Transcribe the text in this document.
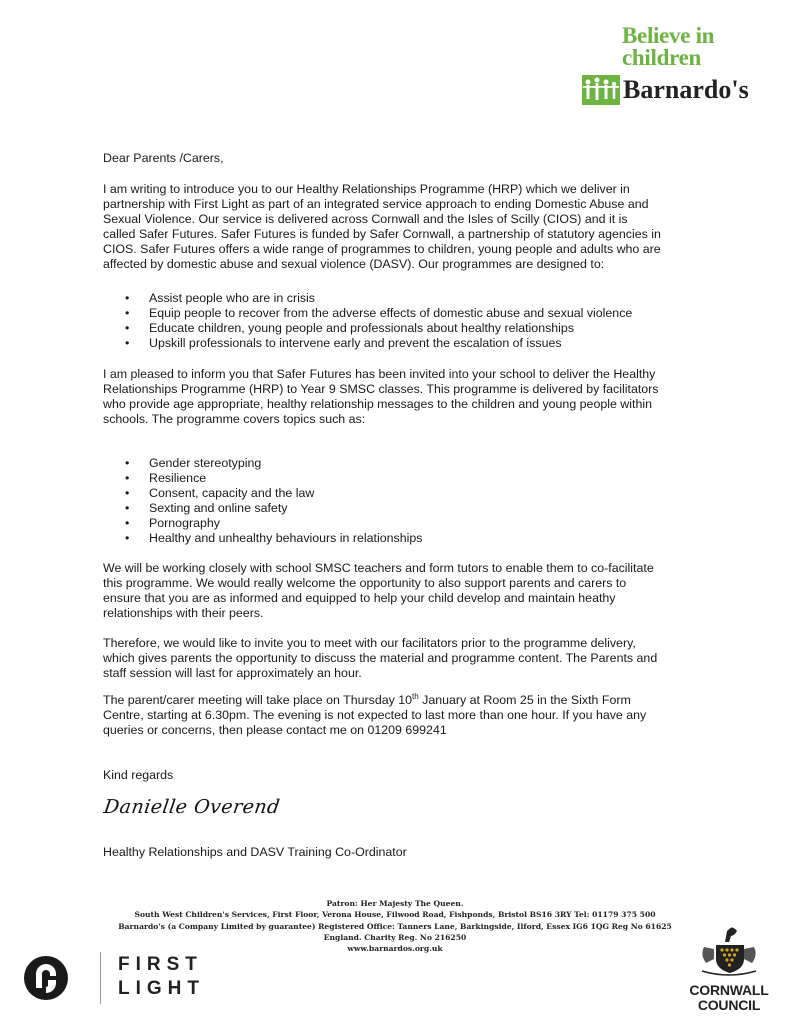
Believe in
children
Barnardo's
Dear Parents /Carers,
I am writing to introduce you to our Healthy Relationships Programme (HRP) which we deliver in
partnership with First Light as part of an integrated service approach to ending Domestic Abuse and
Sexual Violence. Our service is delivered across Cornwall and the Isles of Scilly (CIOS) and it is
called Safer Futures. Safer Futures is funded by Safer Cornwall, a partnership of statutory agencies in
CIOS. Safer Futures offers a wide range of programmes to children, young people and adults who are
affected by domestic abuse and sexual violence (DASV). Our programmes are designed to:
• Assist people who are in crisis
• Equip people to recover from the adverse effects of domestic abuse and sexual violence
• Educate children, young people and professionals about healthy relationships
• Upskill professionals to intervene early and prevent the escalation of issues
I am pleased to inform you that Safer Futures has been invited into your school to deliver the Healthy
Relationships Programme (HRP) to Year 9 SMSC classes. This programme is delivered by facilitators
who provide age appropriate, healthy relationship messages to the children and young people within
schools. The programme covers topics such as:
• Gender stereotyping
• Resilience
• Consent, capacity and the law
• Sexting and online safety
• Pornography
• Healthy and unhealthy behaviours in relationships
We will be working closely with school SMSC teachers and form tutors to enable them to co-facilitate
this programme. We would really welcome the opportunity to also support parents and carers to
ensure that you are as informed and equipped to help your child develop and maintain heathy
relationships with their peers.
Therefore, we would like to invite you to meet with our facilitators prior to the programme delivery,
which gives parents the opportunity to discuss the material and programme content. The Parents and
staff session will last for approximately an hour.
The parent/carer meeting will take place on Thursday 10th January at Room 25 in the Sixth Form
Centre, starting at 6.30pm. The evening is not expected to last more than one hour. If you have any
queries or concerns, then please contact me on 01209 699241
Kind regards
Danielle Overend
Healthy Relationships and DASV Training Co-Ordinator
Patron: Her Majesty The Queen.
South West Children's Services, First Floor, Verona House, Filwood Road, Fishponds, Bristol BS16 3RY Tel: 01179 375 500
Barnardo's (a Company Limited by guarantee) Registered Office: Tanners Lane, Barkingside, Ilford, Essex IG6 1QG Reg No 61625
England. Charity Reg. No 216250
www.barnardos.org.uk
FIRST
LIGHT	CORNWALL
COUNCIL
